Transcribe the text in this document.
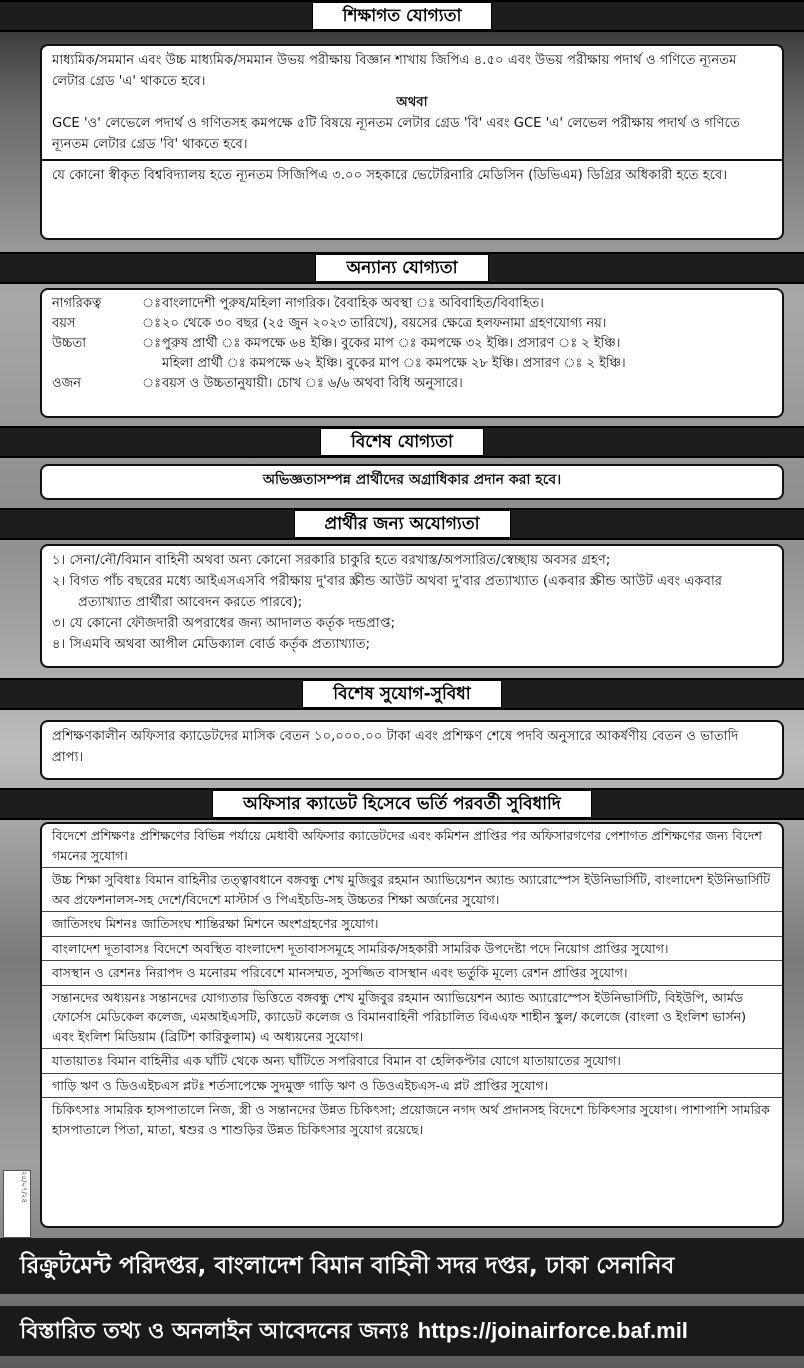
শিক্ষাগত যোগ্যতা

মাধ্যমিক/সমমান এবং উচ্চ মাধ্যমিক/সমমান উভয় পরীক্ষায় বিজ্ঞান শাখায় জিপিএ ৪.৫০ এবং উভয় পরীক্ষায় পদার্থ ও গণিতে ন্যূনতম লেটার গ্রেড 'এ' থাকতে হবে।

অথবা

GCE 'ও' লেভেলে পদার্থ ও গণিতসহ কমপক্ষে ৫টি বিষয়ে ন্যূনতম লেটার গ্রেড 'বি' এবং GCE 'এ' লেভেল পরীক্ষায় পদার্থ ও গণিতে ন্যূনতম লেটার গ্রেড 'বি' থাকতে হবে।

যে কোনো স্বীকৃত বিশ্ববিদ্যালয় হতে ন্যূনতম সিজিপিএ ৩.০০ সহকারে ভেটেরিনারি মেডিসিন (ডিভিএম) ডিগ্রির অধিকারী হতে হবে।

অন্যান্য যোগ্যতা
নাগরিকত্ব	ঃ	বাংলাদেশী পুরুষ/মহিলা নাগরিক। বৈবাহিক অবস্থা ঃ অবিবাহিত/বিবাহিত।
বয়স	ঃ	২০ থেকে ৩০ বছর (২৫ জুন ২০২৩ তারিখে), বয়সের ক্ষেত্রে হলফনামা গ্রহণযোগ্য নয়।
উচ্চতা	ঃ	পুরুষ প্রার্থী ঃ কমপক্ষে ৬৪ ইঞ্চি। বুকের মাপ ঃ কমপক্ষে ৩২ ইঞ্চি। প্রসারণ ঃ ২ ইঞ্চি।
		মহিলা প্রার্থী ঃ কমপক্ষে ৬২ ইঞ্চি। বুকের মাপ ঃ কমপক্ষে ২৮ ইঞ্চি। প্রসারণ ঃ ২ ইঞ্চি।
ওজন	ঃ	বয়স ও উচ্চতানুযায়ী। চোখ ঃ ৬/৬ অথবা বিধি অনুসারে।
বিশেষ যোগ্যতা
অভিজ্ঞতাসম্পন্ন প্রার্থীদের অগ্রাধিকার প্রদান করা হবে।
প্রার্থীর জন্য অযোগ্যতা
১। সেনা/নৌ/বিমান বাহিনী অথবা অন্য কোনো সরকারি চাকুরি হতে বরখাস্ত/অপসারিত/স্বেচ্ছায় অবসর গ্রহণ;
২। বিগত পাঁচ বছরের মধ্যে আইএসএসবি পরীক্ষায় দু'বার স্ক্রীন্ড আউট অথবা দু'বার প্রত্যাখ্যাত (একবার স্ক্রীন্ড আউট এবং একবার প্রত্যাখ্যাত প্রার্থীরা আবেদন করতে পারবে);
৩। যে কোনো ফৌজদারী অপরাধের জন্য আদালত কর্তৃক দন্ডপ্রাপ্ত;
৪। সিএমবি অথবা আপীল মেডিক্যাল বোর্ড কর্তৃক প্রত্যাখ্যাত;
বিশেষ সুযোগ-সুবিধা
প্রশিক্ষণকালীন অফিসার ক্যাডেটদের মাসিক বেতন ১০,০০০.০০ টাকা এবং প্রশিক্ষণ শেষে পদবি অনুসারে আকর্ষণীয় বেতন ও ভাতাদি প্রাপ্য।
অফিসার ক্যাডেট হিসেবে ভর্তি পরবর্তী সুবিধাদি
বিদেশে প্রশিক্ষণঃ প্রশিক্ষণের বিভিন্ন পর্যায়ে মেধাবী অফিসার ক্যাডেটদের এবং কমিশন প্রাপ্তির পর অফিসারগণের পেশাগত প্রশিক্ষণের জন্য বিদেশ গমনের সুযোগ।
উচ্চ শিক্ষা সুবিধাঃ বিমান বাহিনীর তত্ত্বাবধানে বঙ্গবন্ধু শেখ মুজিবুর রহমান অ্যাভিয়েশন অ্যান্ড অ্যারোস্পেস ইউনিভার্সিটি, বাংলাদেশ ইউনিভার্সিটি অব প্রফেশনালস-সহ দেশে/বিদেশে মাস্টার্স ও পিএইচডি-সহ উচ্চতর শিক্ষা অর্জনের সুযোগ।
জাতিসংঘ মিশনঃ জাতিসংঘ শান্তিরক্ষা মিশনে অংশগ্রহণের সুযোগ।
বাংলাদেশ দূতাবাসঃ বিদেশে অবস্থিত বাংলাদেশ দূতাবাসসমূহে সামরিক/সহকারী সামরিক উপদেষ্টা পদে নিয়োগ প্রাপ্তির সুযোগ।
বাসস্থান ও রেশনঃ নিরাপদ ও মনোরম পরিবেশে মানসম্মত, সুসজ্জিত বাসস্থান এবং ভর্তুকি মূল্যে রেশন প্রাপ্তির সুযোগ।
সন্তানদের অধ্যয়নঃ সন্তানদের যোগ্যতার ভিত্তিতে বঙ্গবন্ধু শেখ মুজিবুর রহমান অ্যাভিয়েশন অ্যান্ড অ্যারোস্পেস ইউনিভার্সিটি, বিইউপি, আর্মড ফোর্সেস মেডিকেল কলেজ, এমআইএসটি, ক্যাডেট কলেজ ও বিমানবাহিনী পরিচালিত বিএএফ শাহীন স্কুল/ কলেজে (বাংলা ও ইংলিশ ভার্সন) এবং ইংলিশ মিডিয়াম (ব্রিটিশ কারিকুলাম) এ অধ্যয়নের সুযোগ।
যাতায়াতঃ বিমান বাহিনীর এক ঘাঁটি থেকে অন্য ঘাঁটিতে সপরিবারে বিমান বা হেলিকপ্টার যোগে যাতায়াতের সুযোগ।
গাড়ি ঋণ ও ডিওএইচএস প্লটঃ শর্তসাপেক্ষে সুদমুক্ত গাড়ি ঋণ ও ডিওএইচএস-এ প্লট প্রাপ্তির সুযোগ।
চিকিৎসাঃ সামরিক হাসপাতালে নিজ, স্ত্রী ও সন্তানদের উন্নত চিকিৎসা; প্রয়োজনে নগদ অর্থ প্রদানসহ বিদেশে চিকিৎসার সুযোগ। পাশাপাশি সামরিক হাসপাতালে পিতা, মাতা, শ্বশুর ও শাশুড়ির উন্নত চিকিৎসার সুযোগ রয়েছে।
২৫/০৭/২৪
রিক্রুটমেন্ট পরিদপ্তর, বাংলাদেশ বিমান বাহিনী সদর দপ্তর, ঢাকা সেনানিব
বিস্তারিত তথ্য ও অনলাইন আবেদনের জন্যঃ https://joinairforce.baf.mil
